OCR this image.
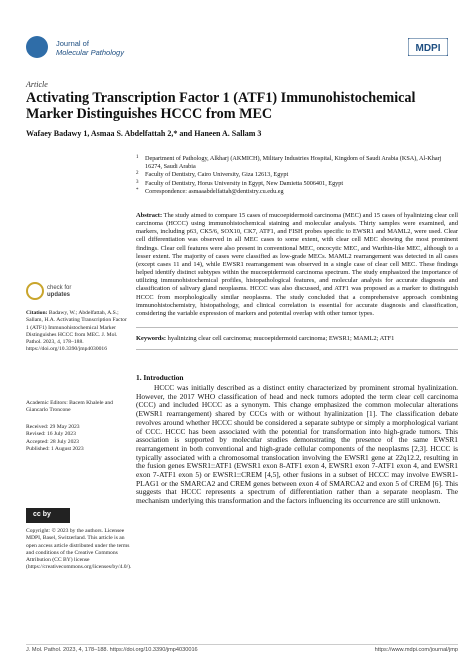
Journal of
Molecular Pathology	MDPI
Article
Activating Transcription Factor 1 (ATF1) Immunohistochemical Marker Distinguishes HCCC from MEC
Wafaey Badawy 1, Asmaa S. Abdelfattah 2,* and Haneen A. Sallam 3
1 Department of Pathology, Alkharj (AKMICH), Military Industries Hospital, Kingdom of Saudi Arabia (KSA), Al-Kharj 16274, Saudi Arabia
2 Faculty of Dentistry, Cairo University, Giza 12613, Egypt
3 Faculty of Dentistry, Horus University in Egypt, New Damietta 5006401, Egypt
* Correspondence: asmaaabdelfattah@dentistry.cu.edu.eg
Abstract: The study aimed to compare 15 cases of mucoepidermoid carcinoma (MEC) and 15 cases of hyalinizing clear cell carcinoma (HCCC) using immunohistochemical staining and molecular analysis. Thirty samples were examined, and markers, including p63, CK5/6, SOX10, CK7, ATF1, and FISH probes specific to EWSR1 and MAML2, were used. Clear cell differentiation was observed in all MEC cases to some extent, with clear cell MEC showing the most prominent findings. Clear cell features were also present in conventional MEC, oncocytic MEC, and Warthin-like MEC, although to a lesser extent. The majority of cases were classified as low-grade MECs. MAML2 rearrangement was detected in all cases (except cases 11 and 14), while EWSR1 rearrangement was observed in a single case of clear cell MEC. These findings helped identify distinct subtypes within the mucoepidermoid carcinoma spectrum. The study emphasized the importance of utilizing immunohistochemical profiles, histopathological features, and molecular analysis for accurate diagnosis and classification of salivary gland neoplasms. HCCC was also discussed, and ATF1 was proposed as a marker to distinguish HCCC from morphologically similar neoplasms. The study concluded that a comprehensive approach combining immunohistochemistry, histopathology, and clinical correlation is essential for accurate diagnosis and classification, considering the variable expression of markers and potential overlap with other tumor types.
Keywords: hyalinizing clear cell carcinoma; mucoepidermoid carcinoma; EWSR1; MAML2; ATF1
check for
updates
Citation: Badawy, W.; Abdelfattah, A.S.; Sallam, H.A. Activating Transcription Factor 1 (ATF1) Immunohistochemical Marker Distinguishes HCCC from MEC. J. Mol. Pathol. 2023, 4, 178–188. https://doi.org/10.3390/jmp4030016
Academic Editors: Bacem Khalele and Giancarlo Troncone
Received: 29 May 2023
Revised: 16 July 2023
Accepted: 28 July 2023
Published: 1 August 2023
cc by
Copyright: © 2023 by the authors. Licensee MDPI, Basel, Switzerland. This article is an open access article distributed under the terms and conditions of the Creative Commons Attribution (CC BY) license (https://creativecommons.org/licenses/by/4.0/).
1. Introduction

HCCC was initially described as a distinct entity characterized by prominent stromal hyalinization. However, the 2017 WHO classification of head and neck tumors adopted the term clear cell carcinoma (CCC) and included HCCC as a synonym. This change emphasized the common molecular alterations (EWSR1 rearrangement) shared by CCCs with or without hyalinization [1]. The classification debate revolves around whether HCCC should be considered a separate subtype or simply a morphological variant of CCC. HCCC has been associated with the potential for transformation into high-grade tumors. This association is supported by molecular studies demonstrating the presence of the same EWSR1 rearrangement in both conventional and high-grade cellular components of the neoplasms [2,3]. HCCC is typically associated with a chromosomal translocation involving the EWSR1 gene at 22q12.2, resulting in the fusion genes EWSR1::ATF1 (EWSR1 exon 8-ATF1 exon 4, EWSR1 exon 7-ATF1 exon 4, and EWSR1 exon 7-ATF1 exon 5) or EWSR1::CREM [4,5], other fusions in a subset of HCCC may involve EWSR1-PLAG1 or the SMARCA2 and CREM genes between exon 4 of SMARCA2 and exon 5 of CREM [6]. This suggests that HCCC represents a spectrum of differentiation rather than a separate neoplasm. The mechanism underlying this transformation and the factors influencing its occurrence are still unknown.

J. Mol. Pathol. 2023, 4, 178–188. https://doi.org/10.3390/jmp4030016	https://www.mdpi.com/journal/jmp
